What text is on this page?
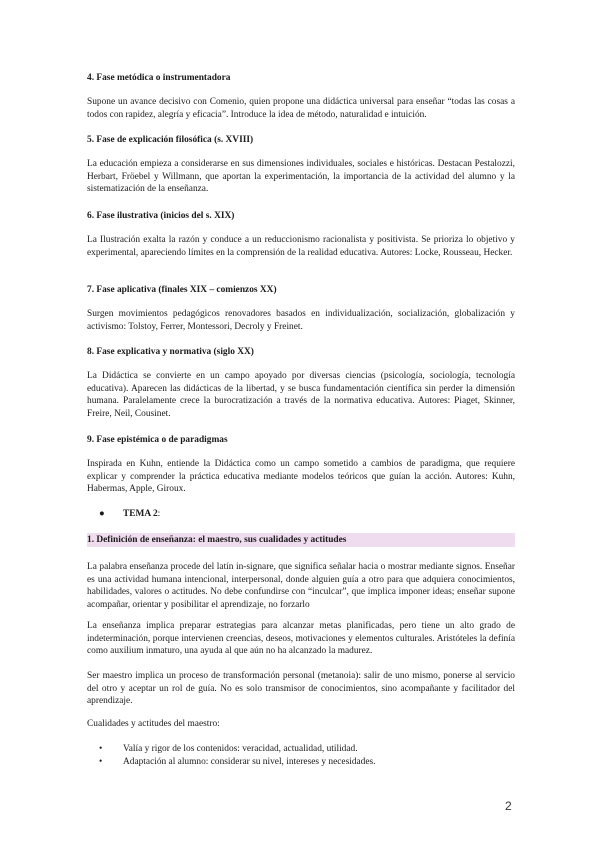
4. Fase metódica o instrumentadora
Supone un avance decisivo con Comenio, quien propone una didáctica universal para enseñar “todas las cosas a todos con rapidez, alegría y eficacia”. Introduce la idea de método, naturalidad e intuición.
5. Fase de explicación filosófica (s. XVIII)
La educación empieza a considerarse en sus dimensiones individuales, sociales e históricas. Destacan Pestalozzi, Herbart, Fröebel y Willmann, que aportan la experimentación, la importancia de la actividad del alumno y la sistematización de la enseñanza.
6. Fase ilustrativa (inicios del s. XIX)
La Ilustración exalta la razón y conduce a un reduccionismo racionalista y positivista. Se prioriza lo objetivo y experimental, apareciendo límites en la comprensión de la realidad educativa. Autores: Locke, Rousseau, Hecker.
7. Fase aplicativa (finales XIX – comienzos XX)
Surgen movimientos pedagógicos renovadores basados en individualización, socialización, globalización y activismo: Tolstoy, Ferrer, Montessori, Decroly y Freinet.
8. Fase explicativa y normativa (siglo XX)
La Didáctica se convierte en un campo apoyado por diversas ciencias (psicología, sociología, tecnología educativa). Aparecen las didácticas de la libertad, y se busca fundamentación científica sin perder la dimensión humana. Paralelamente crece la burocratización a través de la normativa educativa. Autores: Piaget, Skinner, Freire, Neil, Cousinet.
9. Fase epistémica o de paradigmas
Inspirada en Kuhn, entiende la Didáctica como un campo sometido a cambios de paradigma, que requiere explicar y comprender la práctica educativa mediante modelos teóricos que guían la acción. Autores: Kuhn, Habermas, Apple, Giroux.
● TEMA 2:
1. Definición de enseñanza: el maestro, sus cualidades y actitudes
La palabra enseñanza procede del latín in-signare, que significa señalar hacia o mostrar mediante signos. Enseñar es una actividad humana intencional, interpersonal, donde alguien guía a otro para que adquiera conocimientos, habilidades, valores o actitudes. No debe confundirse con “inculcar”, que implica imponer ideas; enseñar supone acompañar, orientar y posibilitar el aprendizaje, no forzarlo
La enseñanza implica preparar estrategias para alcanzar metas planificadas, pero tiene un alto grado de indeterminación, porque intervienen creencias, deseos, motivaciones y elementos culturales. Aristóteles la definía como auxilium inmaturo, una ayuda al que aún no ha alcanzado la madurez.
Ser maestro implica un proceso de transformación personal (metanoia): salir de uno mismo, ponerse al servicio del otro y aceptar un rol de guía. No es solo transmisor de conocimientos, sino acompañante y facilitador del aprendizaje.
Cualidades y actitudes del maestro:
• Valía y rigor de los contenidos: veracidad, actualidad, utilidad.
• Adaptación al alumno: considerar su nivel, intereses y necesidades.
2
